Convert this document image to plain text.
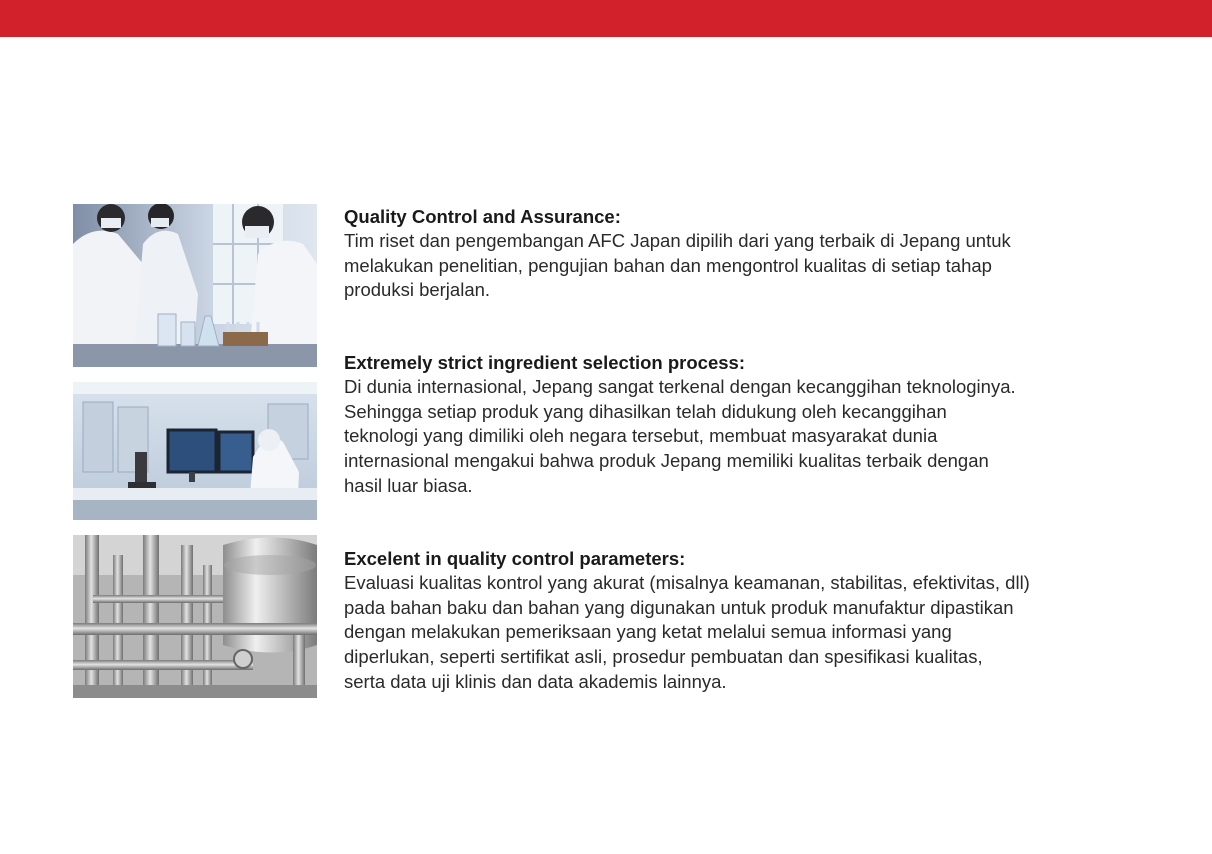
Quality Control and Assurance:

Tim riset dan pengembangan AFC Japan dipilih dari yang terbaik di Jepang untuk

melakukan penelitian, pengujian bahan dan mengontrol kualitas di setiap tahap

produksi berjalan.

Extremely strict ingredient selection process:

Di dunia internasional, Jepang sangat terkenal dengan kecanggihan teknologinya.

Sehingga setiap produk yang dihasilkan telah didukung oleh kecanggihan

teknologi yang dimiliki oleh negara tersebut, membuat masyarakat dunia

internasional mengakui bahwa produk Jepang memiliki kualitas terbaik dengan

hasil luar biasa.

Excelent in quality control parameters:

Evaluasi kualitas kontrol yang akurat (misalnya keamanan, stabilitas, efektivitas, dll)

pada bahan baku dan bahan yang digunakan untuk produk manufaktur dipastikan

dengan melakukan pemeriksaan yang ketat melalui semua informasi yang

diperlukan, seperti sertifikat asli, prosedur pembuatan dan spesifikasi kualitas,

serta data uji klinis dan data akademis lainnya.
